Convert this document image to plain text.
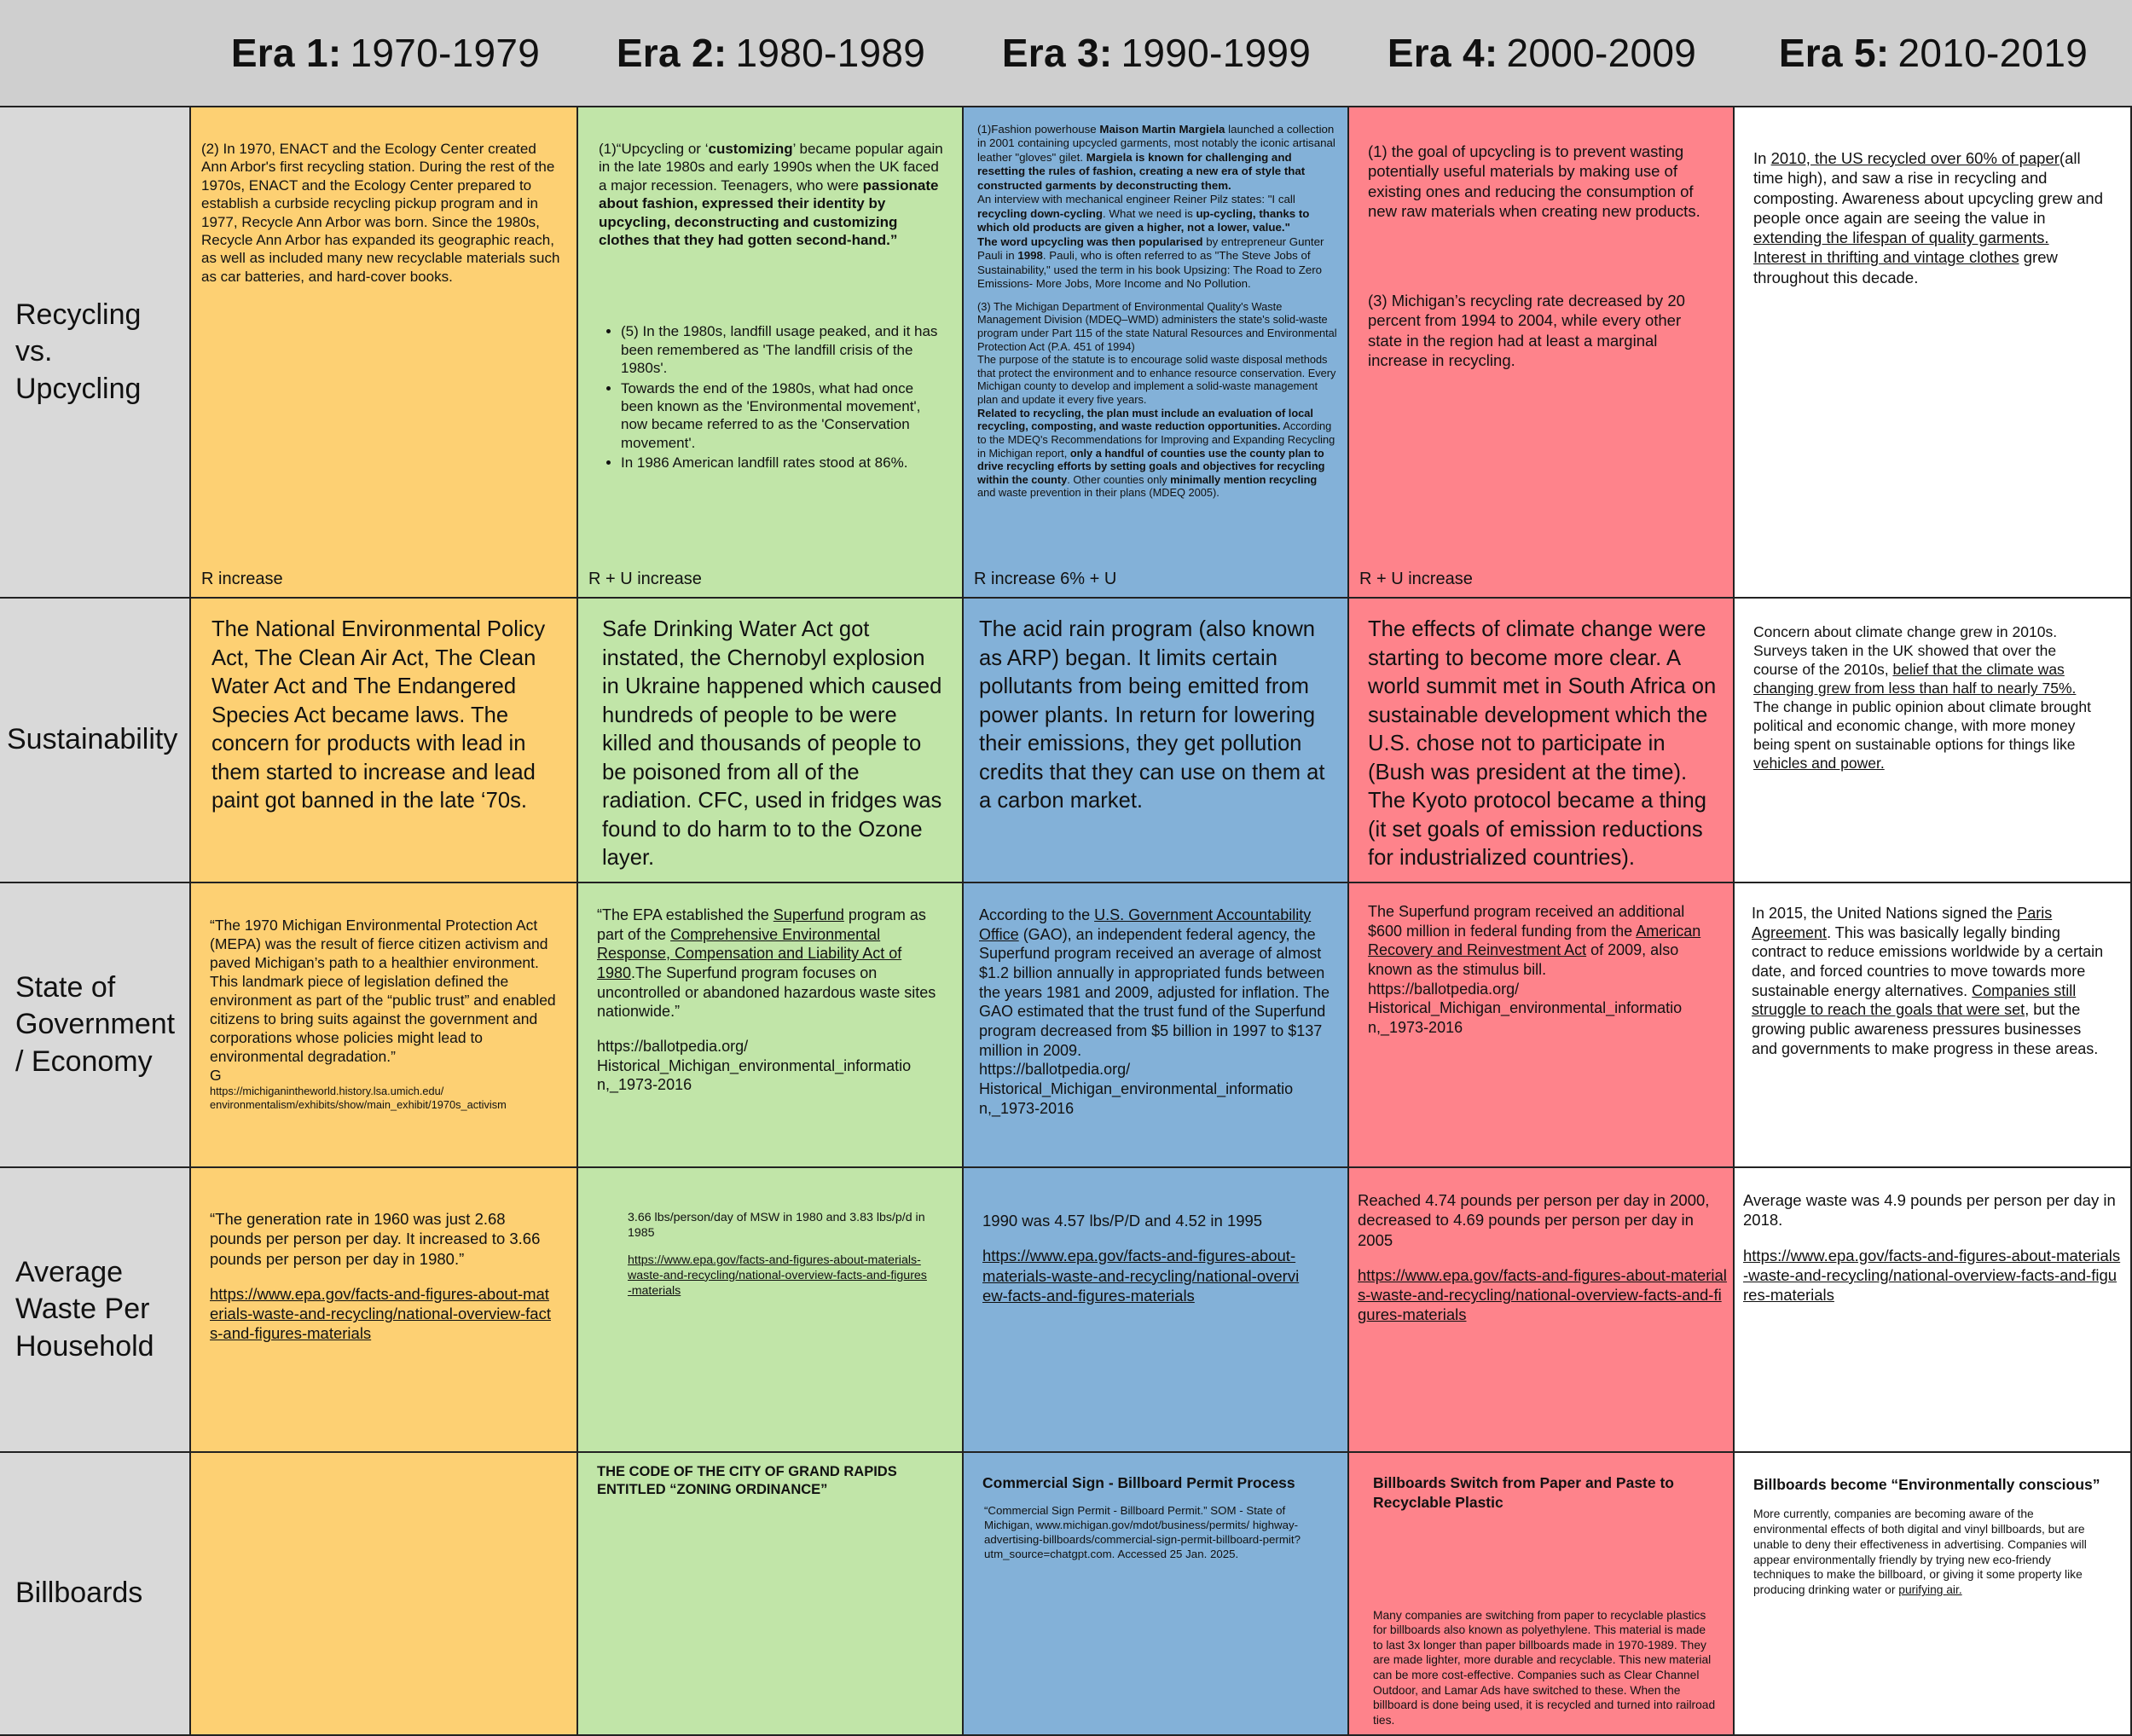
Era 1: 1970-1979 Era 2: 1980-1989 Era 3: 1990-1999 Era 4: 2000-2009 Era 5: 2010-2019
Recycling vs. Upcycling
Sustainability
State of Government / Economy
Average Waste Per Household
Billboards

(2) In 1970, ENACT and the Ecology Center created Ann Arbor's first recycling station. During the rest of the 1970s, ENACT and the Ecology Center prepared to establish a curbside recycling pickup program and in 1977, Recycle Ann Arbor was born. Since the 1980s, Recycle Ann Arbor has expanded its geographic reach, as well as included many new recyclable materials such as car batteries, and hard-cover books.

R increase

(1)“Upcycling or ‘customizing’ became popular again in the late 1980s and early 1990s when the UK faced a major recession. Teenagers, who were passionate about fashion, expressed their identity by upcycling, deconstructing and customizing clothes that they had gotten second-hand.”

• (5) In the 1980s, landfill usage peaked, and it has been remembered as 'The landfill crisis of the 1980s'.
• Towards the end of the 1980s, what had once been known as the 'Environmental movement', now became referred to as the 'Conservation movement'.
• In 1986 American landfill rates stood at 86%.
R + U increase

(1)Fashion powerhouse Maison Martin Margiela launched a collection in 2001 containing upcycled garments, most notably the iconic artisanal leather "gloves" gilet. Margiela is known for challenging and resetting the rules of fashion, creating a new era of style that constructed garments by deconstructing them.

An interview with mechanical engineer Reiner Pilz states: "I call recycling down-cycling. What we need is up-cycling, thanks to which old products are given a higher, not a lower, value."

The word upcycling was then popularised by entrepreneur Gunter Pauli in 1998. Pauli, who is often referred to as "The Steve Jobs of Sustainability," used the term in his book Upsizing: The Road to Zero Emissions- More Jobs, More Income and No Pollution.

(3) The Michigan Department of Environmental Quality's Waste Management Division (MDEQ–WMD) administers the state's solid-waste program under Part 115 of the state Natural Resources and Environmental Protection Act (P.A. 451 of 1994)

The purpose of the statute is to encourage solid waste disposal methods that protect the environment and to enhance resource conservation. Every Michigan county to develop and implement a solid-waste management plan and update it every five years.

Related to recycling, the plan must include an evaluation of local recycling, composting, and waste reduction opportunities. According to the MDEQ's Recommendations for Improving and Expanding Recycling in Michigan report, only a handful of counties use the county plan to drive recycling efforts by setting goals and objectives for recycling within the county. Other counties only minimally mention recycling and waste prevention in their plans (MDEQ 2005).

R increase 6% + U

(1) the goal of upcycling is to prevent wasting potentially useful materials by making use of existing ones and reducing the consumption of new raw materials when creating new products.

(3) Michigan’s recycling rate decreased by 20 percent from 1994 to 2004, while every other state in the region had at least a marginal increase in recycling.

R + U increase

In 2010, the US recycled over 60% of paper(all time high), and saw a rise in recycling and composting. Awareness about upcycling grew and people once again are seeing the value in extending the lifespan of quality garments. Interest in thrifting and vintage clothes grew throughout this decade.

The National Environmental Policy Act, The Clean Air Act, The Clean Water Act and The Endangered Species Act became laws. The concern for products with lead in them started to increase and lead paint got banned in the late ‘70s.

Safe Drinking Water Act got instated, the Chernobyl explosion in Ukraine happened which caused hundreds of people to be were killed and thousands of people to be poisoned from all of the radiation. CFC, used in fridges was found to do harm to to the Ozone layer.

The acid rain program (also known as ARP) began. It limits certain pollutants from being emitted from power plants. In return for lowering their emissions, they get pollution credits that they can use on them at a carbon market.

The effects of climate change were starting to become more clear. A world summit met in South Africa on sustainable development which the U.S. chose not to participate in (Bush was president at the time). The Kyoto protocol became a thing (it set goals of emission reductions for industrialized countries).

Concern about climate change grew in 2010s. Surveys taken in the UK showed that over the course of the 2010s, belief that the climate was changing grew from less than half to nearly 75%. The change in public opinion about climate brought political and economic change, with more money being spent on sustainable options for things like vehicles and power.

“The 1970 Michigan Environmental Protection Act (MEPA) was the result of fierce citizen activism and paved Michigan’s path to a healthier environment. This landmark piece of legislation defined the environment as part of the “public trust” and enabled citizens to bring suits against the government and corporations whose policies might lead to environmental degradation.”

G

https://michiganintheworld.history.lsa.umich.edu/ environmentalism/exhibits/show/main_exhibit/1970s_activism

“The EPA established the Superfund program as part of the Comprehensive Environmental Response, Compensation and Liability Act of 1980.The Superfund program focuses on uncontrolled or abandoned hazardous waste sites nationwide.”

https://ballotpedia.org/ Historical_Michigan_environmental_informatio n,_1973-2016

According to the U.S. Government Accountability Office (GAO), an independent federal agency, the Superfund program received an average of almost $1.2 billion annually in appropriated funds between the years 1981 and 2009, adjusted for inflation. The GAO estimated that the trust fund of the Superfund program decreased from $5 billion in 1997 to $137 million in 2009.

https://ballotpedia.org/ Historical_Michigan_environmental_informatio n,_1973-2016

The Superfund program received an additional $600 million in federal funding from the American Recovery and Reinvestment Act of 2009, also known as the stimulus bill.

https://ballotpedia.org/ Historical_Michigan_environmental_informatio n,_1973-2016

In 2015, the United Nations signed the Paris Agreement. This was basically legally binding contract to reduce emissions worldwide by a certain date, and forced countries to move towards more sustainable energy alternatives. Companies still struggle to reach the goals that were set, but the growing public awareness pressures businesses and governments to make progress in these areas.

“The generation rate in 1960 was just 2.68 pounds per person per day. It increased to 3.66 pounds per person per day in 1980.”

https://www.epa.gov/facts-and-figures-about-materials-waste-and-recycling/national-overview-facts-and-figures-materials

3.66 lbs/person/day of MSW in 1980 and 3.83 lbs/p/d in 1985

https://www.epa.gov/facts-and-figures-about-materials-waste-and-recycling/national-overview-facts-and-figures-materials

1990 was 4.57 lbs/P/D and 4.52 in 1995

https://www.epa.gov/facts-and-figures-about-materials-waste-and-recycling/national-overview-facts-and-figures-materials

Reached 4.74 pounds per person per day in 2000, decreased to 4.69 pounds per person per day in 2005

https://www.epa.gov/facts-and-figures-about-materials-waste-and-recycling/national-overview-facts-and-figures-materials

Average waste was 4.9 pounds per person per day in 2018.

https://www.epa.gov/facts-and-figures-about-materials-waste-and-recycling/national-overview-facts-and-figures-materials

THE CODE OF THE CITY OF GRAND RAPIDS ENTITLED “ZONING ORDINANCE”	Commercial Sign - Billboard Permit Process

“Commercial Sign Permit - Billboard Permit.” SOM - State of Michigan, www.michigan.gov/mdot/business/permits/ highway-advertising-billboards/commercial-sign-permit-billboard-permit?utm_source=chatgpt.com. Accessed 25 Jan. 2025.

Billboards Switch from Paper and Paste to Recyclable Plastic

Many companies are switching from paper to recyclable plastics for billboards also known as polyethylene. This material is made to last 3x longer than paper billboards made in 1970-1989. They are made lighter, more durable and recyclable. This new material can be more cost-effective. Companies such as Clear Channel Outdoor, and Lamar Ads have switched to these. When the billboard is done being used, it is recycled and turned into railroad ties.

Billboards become “Environmentally conscious”

More currently, companies are becoming aware of the environmental effects of both digital and vinyl billboards, but are unable to deny their effectiveness in advertising. Companies will appear environmentally friendly by trying new eco-friendy techniques to make the billboard, or giving it some property like producing drinking water or purifying air.
